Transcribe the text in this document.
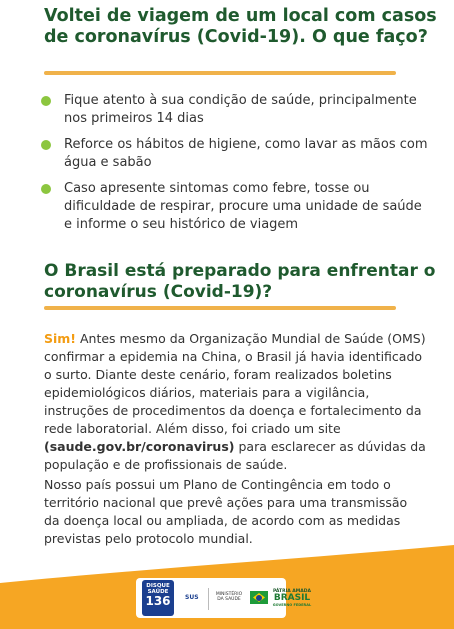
Voltei de viagem de um local com casos de coronavírus (Covid-19). O que faço?
Fique atento à sua condição de saúde, principalmente nos primeiros 14 dias
Reforce os hábitos de higiene, como lavar as mãos com água e sabão
Caso apresente sintomas como febre, tosse ou dificuldade de respirar, procure uma unidade de saúde e informe o seu histórico de viagem
O Brasil está preparado para enfrentar o coronavírus (Covid-19)?

Sim! Antes mesmo da Organização Mundial de Saúde (OMS) confirmar a epidemia na China, o Brasil já havia identificado o surto. Diante deste cenário, foram realizados boletins epidemiológicos diários, materiais para a vigilância, instruções de procedimentos da doença e fortalecimento da rede laboratorial. Além disso, foi criado um site (saude.gov.br/coronavirus) para esclarecer as dúvidas da população e de profissionais de saúde.

Nosso país possui um Plano de Contingência em todo o território nacional que prevê ações para uma transmissão da doença local ou ampliada, de acordo com as medidas previstas pelo protocolo mundial.

DISQUE
SAÚDE
136	SUS	MINISTÉRIO DA SAÚDE
PÁTRIA AMADA
BRASIL
GOVERNO FEDERAL
